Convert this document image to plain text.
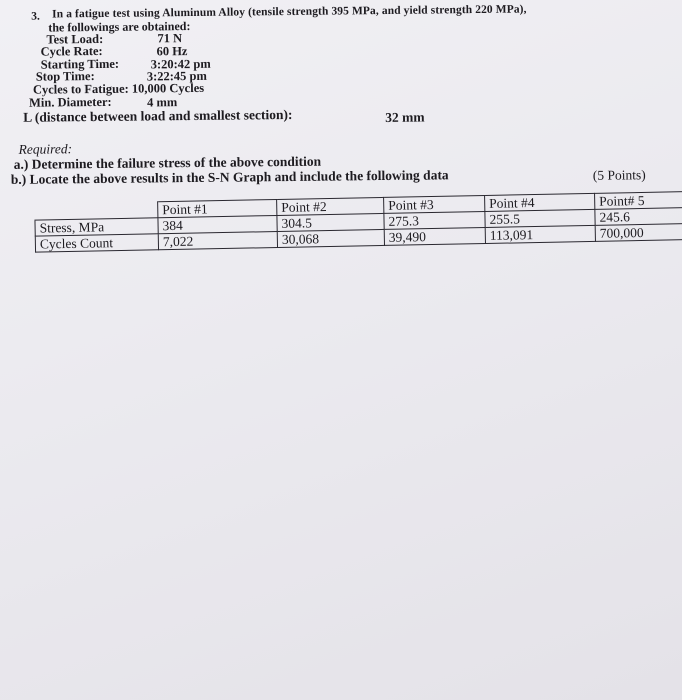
3. In a fatigue test using Aluminum Alloy (tensile strength 395 MPa, and yield strength 220 MPa),
the followings are obtained:
Test Load:	71 N
Cycle Rate:	60 Hz
Starting Time:	3:20:42 pm
Stop Time:	3:22:45 pm
Cycles to Fatigue: 10,000 Cycles
Min. Diameter:	4 mm
L (distance between load and smallest section):	32 mm
Required:
a.) Determine the failure stress of the above condition
b.) Locate the above results in the S-N Graph and include the following data	(5 Points)
	Point #1	Point #2	Point #3	Point #4	Point# 5
Stress, MPa	384	304.5	275.3	255.5	245.6
Cycles Count	7,022	30,068	39,490	113,091	700,000
